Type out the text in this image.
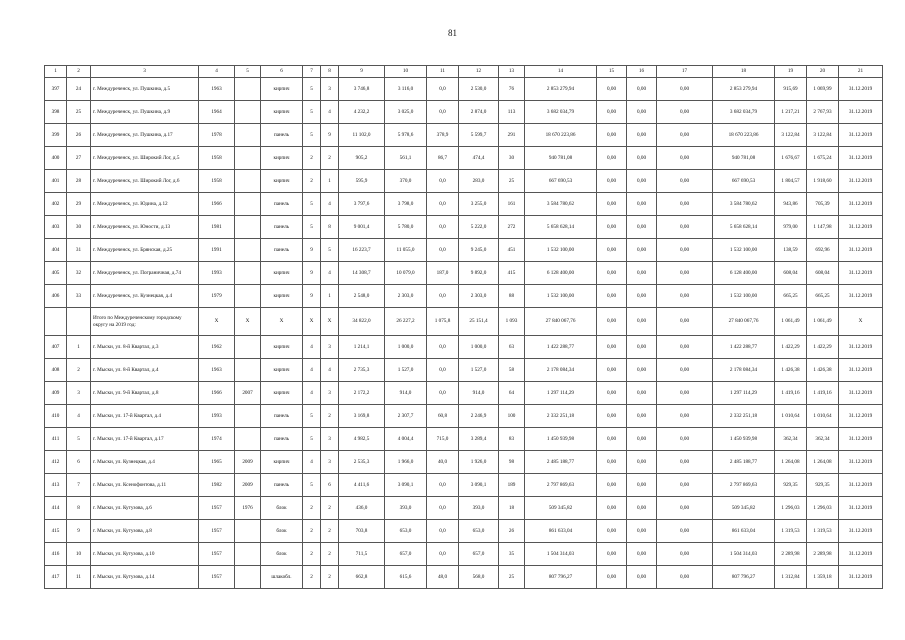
81
1	2	3	4	5	6	7	8	9	10	11	12	13	14	15	16	17	18	19	20	21
397	24	г. Междуреченск, ул. Пушкина, д.5	1963		кирпич	5	3	3 746,8	3 116,0	0,0	2 530,0	76	2 853 279,94	0,00	0,00	0,00	2 853 279,94	915,69	1 069,99	31.12.2019
398	25	г. Междуреченск, ул. Пушкина, д.9	1964		кирпич	5	4	4 232,2	3 025,0	0,0	2 874,0	113	3 682 034,79	0,00	0,00	0,00	3 682 034,79	1 217,21	2 767,93	31.12.2019
399	26	г. Междуреченск, ул. Пушкина, д.17	1978		панель	5	9	11 102,0	5 978,6	378,9	5 599,7	291	18 670 223,86	0,00	0,00	0,00	18 670 223,86	3 122,84	3 122,84	31.12.2019
400	27	г. Междуреченск, ул. Широкий Лог, д.5	1958		кирпич	2	2	905,2	561,1	86,7	474,4	30	940 781,08	0,00	0,00	0,00	940 781,08	1 676,67	1 675,24	31.12.2019
401	28	г. Междуреченск, ул. Широкий Лог, д.6	1958		кирпич	2	1	595,9	370,0	0,0	283,0	25	667 690,53	0,00	0,00	0,00	667 690,53	1 804,57	1 918,60	31.12.2019
402	29	г. Междуреченск, ул. Юдина, д.12	1966		панель	5	4	3 797,6	3 798,0	0,0	3 255,0	161	3 584 780,62	0,00	0,00	0,00	3 584 780,62	943,86	705,39	31.12.2019
403	30	г. Междуреченск, ул. Юности, д.13	1981		панель	5	8	9 001,4	5 780,0	0,0	5 222,0	272	5 658 628,14	0,00	0,00	0,00	5 658 628,14	979,00	1 147,98	31.12.2019
404	31	г. Междуреченск, ул. Брянская, д.25	1991		панель	9	5	16 223,7	11 055,0	0,0	9 245,0	451	1 532 100,00	0,00	0,00	0,00	1 532 100,00	138,59	692,96	31.12.2019
405	32	г. Междуреченск, ул. Пограничная, д.74	1993		кирпич	9	4	14 308,7	10 079,0	187,0	9 892,0	415	6 128 400,00	0,00	0,00	0,00	6 128 400,00	608,04	608,04	31.12.2019
406	33	г. Междуреченск, ул. Кузнецкая, д.4	1979		кирпич	9	1	2 548,0	2 303,0	0,0	2 303,0	88	1 532 100,00	0,00	0,00	0,00	1 532 100,00	665,25	665,25	31.12.2019
		Итого по Междуреченскому городскому округу на 2019 год:	X	X	X	X	X	34 822,0	26 227,2	1 075,8	25 151,4	1 093	27 840 067,76	0,00	0,00	0,00	27 840 067,76	1 061,49	1 061,49	X
407	1	г. Мыски, ул. 8-й Квартал, д.3	1962		кирпич	4	3	1 214,1	1 000,0	0,0	1 000,0	63	1 422 288,77	0,00	0,00	0,00	1 422 288,77	1 422,29	1 422,29	31.12.2019
408	2	г. Мыски, ул. 8-й Квартал, д.4	1963		кирпич	4	4	2 735,3	1 527,0	0,0	1 527,0	58	2 178 084,34	0,00	0,00	0,00	2 178 084,34	1 426,38	1 426,38	31.12.2019
409	3	г. Мыски, ул. 9-й Квартал, д.8	1966	2007	кирпич	4	3	2 172,2	914,0	0,0	914,0	64	1 297 114,29	0,00	0,00	0,00	1 297 114,29	1 419,16	1 419,16	31.12.2019
410	4	г. Мыски, ул. 17-й Квартал, д.4	1993		панель	5	2	3 169,8	2 307,7	60,8	2 246,9	100	2 332 251,18	0,00	0,00	0,00	2 332 251,18	1 010,64	1 010,64	31.12.2019
411	5	г. Мыски, ул. 17-й Квартал, д.17	1974		панель	5	3	4 982,5	4 004,4	715,0	3 289,4	83	1 450 939,98	0,00	0,00	0,00	1 450 939,98	362,34	362,34	31.12.2019
412	6	г. Мыски, ул. Кузнецкая, д.4	1965	2009	кирпич	4	3	2 535,3	1 966,0	40,0	1 926,0	98	2 485 188,77	0,00	0,00	0,00	2 485 188,77	1 264,08	1 264,08	31.12.2019
413	7	г. Мыски, ул. Ксенофонтова, д.11	1982	2009	панель	5	6	4 411,6	3 090,1	0,0	3 090,1	189	2 797 869,63	0,00	0,00	0,00	2 797 869,63	929,35	929,35	31.12.2019
414	8	г. Мыски, ул. Кутузова, д.6	1957	1976	блок	2	2	436,0	393,0	0,0	393,0	18	509 345,82	0,00	0,00	0,00	509 345,82	1 296,03	1 296,03	31.12.2019
415	9	г. Мыски, ул. Кутузова, д.8	1957		блок	2	2	703,8	653,0	0,0	653,0	26	861 633,04	0,00	0,00	0,00	861 633,04	1 319,53	1 319,53	31.12.2019
416	10	г. Мыски, ул. Кутузова, д.10	1957		блок	2	2	711,5	657,0	0,0	657,0	35	1 504 314,03	0,00	0,00	0,00	1 504 314,03	2 289,98	2 289,98	31.12.2019
417	11	г. Мыски, ул. Кутузова, д.14	1957		шлакобл.	2	2	662,8	615,6	48,0	568,0	25	807 796,27	0,00	0,00	0,00	807 796,27	1 312,84	1 359,18	31.12.2019
